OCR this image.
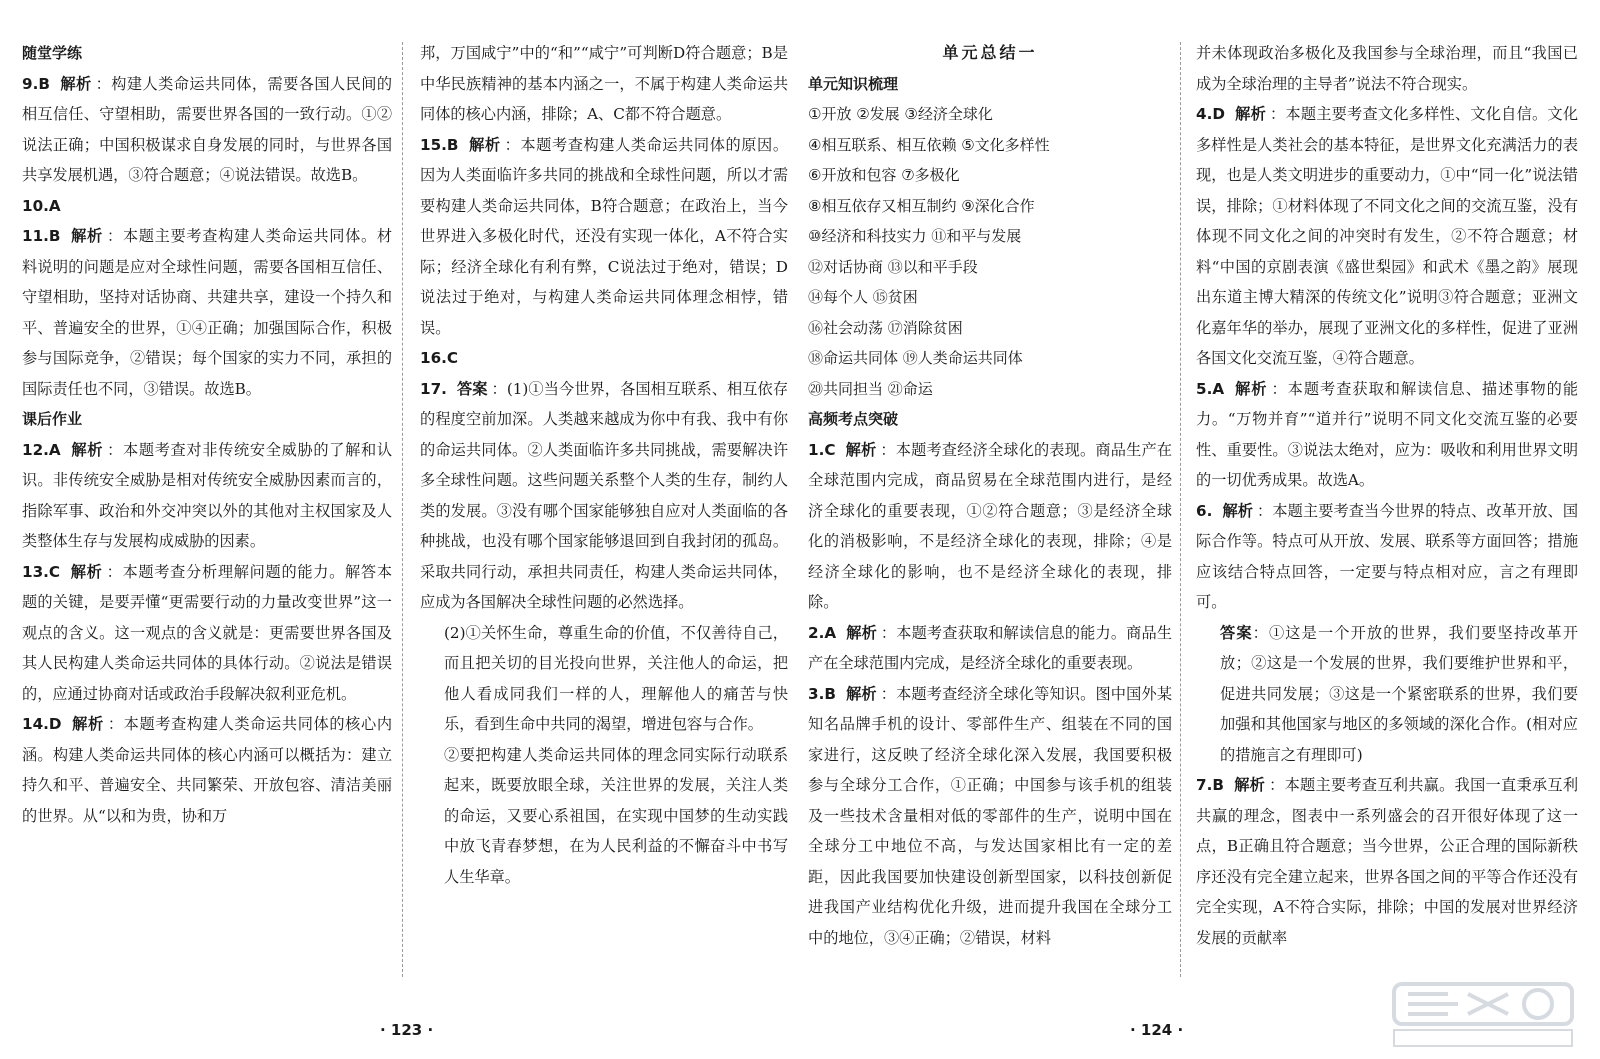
随堂学练

9.B 解析 ：构建人类命运共同体，需要各国人民间的相互信任、守望相助，需要世界各国的一致行动。①②说法正确；中国积极谋求自身发展的同时，与世界各国共享发展机遇，③符合题意；④说法错误。故选B。

10.A

11.B 解析 ：本题主要考查构建人类命运共同体。材料说明的问题是应对全球性问题，需要各国相互信任、守望相助，坚持对话协商、共建共享，建设一个持久和平、普遍安全的世界，①④正确；加强国际合作，积极参与国际竞争，②错误；每个国家的实力不同，承担的国际责任也不同，③错误。故选B。

课后作业

12.A 解析 ：本题考查对非传统安全威胁的了解和认识。非传统安全威胁是相对传统安全威胁因素而言的，指除军事、政治和外交冲突以外的其他对主权国家及人类整体生存与发展构成威胁的因素。

13.C 解析 ：本题考查分析理解问题的能力。解答本题的关键，是要弄懂“更需要行动的力量改变世界”这一观点的含义。这一观点的含义就是：更需要世界各国及其人民构建人类命运共同体的具体行动。②说法是错误的，应通过协商对话或政治手段解决叙利亚危机。

14.D 解析 ：本题考查构建人类命运共同体的核心内涵。构建人类命运共同体的核心内涵可以概括为：建立持久和平、普遍安全、共同繁荣、开放包容、清洁美丽的世界。从“以和为贵，协和万

邦，万国咸宁”中的“和”“咸宁”可判断D符合题意；B是中华民族精神的基本内涵之一，不属于构建人类命运共同体的核心内涵，排除；A、C都不符合题意。

15.B 解析 ：本题考查构建人类命运共同体的原因。因为人类面临许多共同的挑战和全球性问题，所以才需要构建人类命运共同体，B符合题意；在政治上，当今世界进入多极化时代，还没有实现一体化，A不符合实际；经济全球化有利有弊，C说法过于绝对，错误；D说法过于绝对，与构建人类命运共同体理念相悖，错误。

16.C

17. 答案 ：(1)①当今世界，各国相互联系、相互依存的程度空前加深。人类越来越成为你中有我、我中有你的命运共同体。②人类面临许多共同挑战，需要解决许多全球性问题。这些问题关系整个人类的生存，制约人类的发展。③没有哪个国家能够独自应对人类面临的各种挑战，也没有哪个国家能够退回到自我封闭的孤岛。采取共同行动，承担共同责任，构建人类命运共同体，应成为各国解决全球性问题的必然选择。

(2)①关怀生命，尊重生命的价值，不仅善待自己，而且把关切的目光投向世界，关注他人的命运，把他人看成同我们一样的人，理解他人的痛苦与快乐，看到生命中共同的渴望，增进包容与合作。

②要把构建人类命运共同体的理念同实际行动联系起来，既要放眼全球，关注世界的发展，关注人类的命运，又要心系祖国，在实现中国梦的生动实践中放飞青春梦想，在为人民利益的不懈奋斗中书写人生华章。

单元总结一
单元知识梳理
①开放 ②发展 ③经济全球化
④相互联系、相互依赖 ⑤文化多样性
⑥开放和包容 ⑦多极化
⑧相互依存又相互制约 ⑨深化合作
⑩经济和科技实力 ⑪和平与发展
⑫对话协商 ⑬以和平手段
⑭每个人 ⑮贫困
⑯社会动荡 ⑰消除贫困
⑱命运共同体 ⑲人类命运共同体
⑳共同担当 ㉑命运
高频考点突破

1.C 解析 ：本题考查经济全球化的表现。商品生产在全球范围内完成，商品贸易在全球范围内进行，是经济全球化的重要表现，①②符合题意；③是经济全球化的消极影响，不是经济全球化的表现，排除；④是经济全球化的影响，也不是经济全球化的表现，排除。

2.A 解析 ：本题考查获取和解读信息的能力。商品生产在全球范围内完成，是经济全球化的重要表现。

3.B 解析 ：本题考查经济全球化等知识。图中国外某知名品牌手机的设计、零部件生产、组装在不同的国家进行，这反映了经济全球化深入发展，我国要积极参与全球分工合作，①正确；中国参与该手机的组装及一些技术含量相对低的零部件的生产，说明中国在全球分工中地位不高，与发达国家相比有一定的差距，因此我国要加快建设创新型国家，以科技创新促进我国产业结构优化升级，进而提升我国在全球分工中的地位，③④正确；②错误，材料

并未体现政治多极化及我国参与全球治理，而且“我国已成为全球治理的主导者”说法不符合现实。

4.D 解析 ：本题主要考查文化多样性、文化自信。文化多样性是人类社会的基本特征，是世界文化充满活力的表现，也是人类文明进步的重要动力，①中“同一化”说法错误，排除；①材料体现了不同文化之间的交流互鉴，没有体现不同文化之间的冲突时有发生，②不符合题意；材料“中国的京剧表演《盛世梨园》和武术《墨之韵》展现出东道主博大精深的传统文化”说明③符合题意；亚洲文化嘉年华的举办，展现了亚洲文化的多样性，促进了亚洲各国文化交流互鉴，④符合题意。

5.A 解析 ：本题考查获取和解读信息、描述事物的能力。“万物并育”“道并行”说明不同文化交流互鉴的必要性、重要性。③说法太绝对，应为：吸收和利用世界文明的一切优秀成果。故选A。

6. 解析 ：本题主要考查当今世界的特点、改革开放、国际合作等。特点可从开放、发展、联系等方面回答；措施应该结合特点回答，一定要与特点相对应，言之有理即可。

答案：①这是一个开放的世界，我们要坚持改革开放；②这是一个发展的世界，我们要维护世界和平，促进共同发展；③这是一个紧密联系的世界，我们要加强和其他国家与地区的多领域的深化合作。(相对应的措施言之有理即可)

7.B 解析 ：本题主要考查互利共赢。我国一直秉承互利共赢的理念，图表中一系列盛会的召开很好体现了这一点，B正确且符合题意；当今世界，公正合理的国际新秩序还没有完全建立起来，世界各国之间的平等合作还没有完全实现，A不符合实际，排除；中国的发展对世界经济发展的贡献率

· 123 ·	· 124 ·
